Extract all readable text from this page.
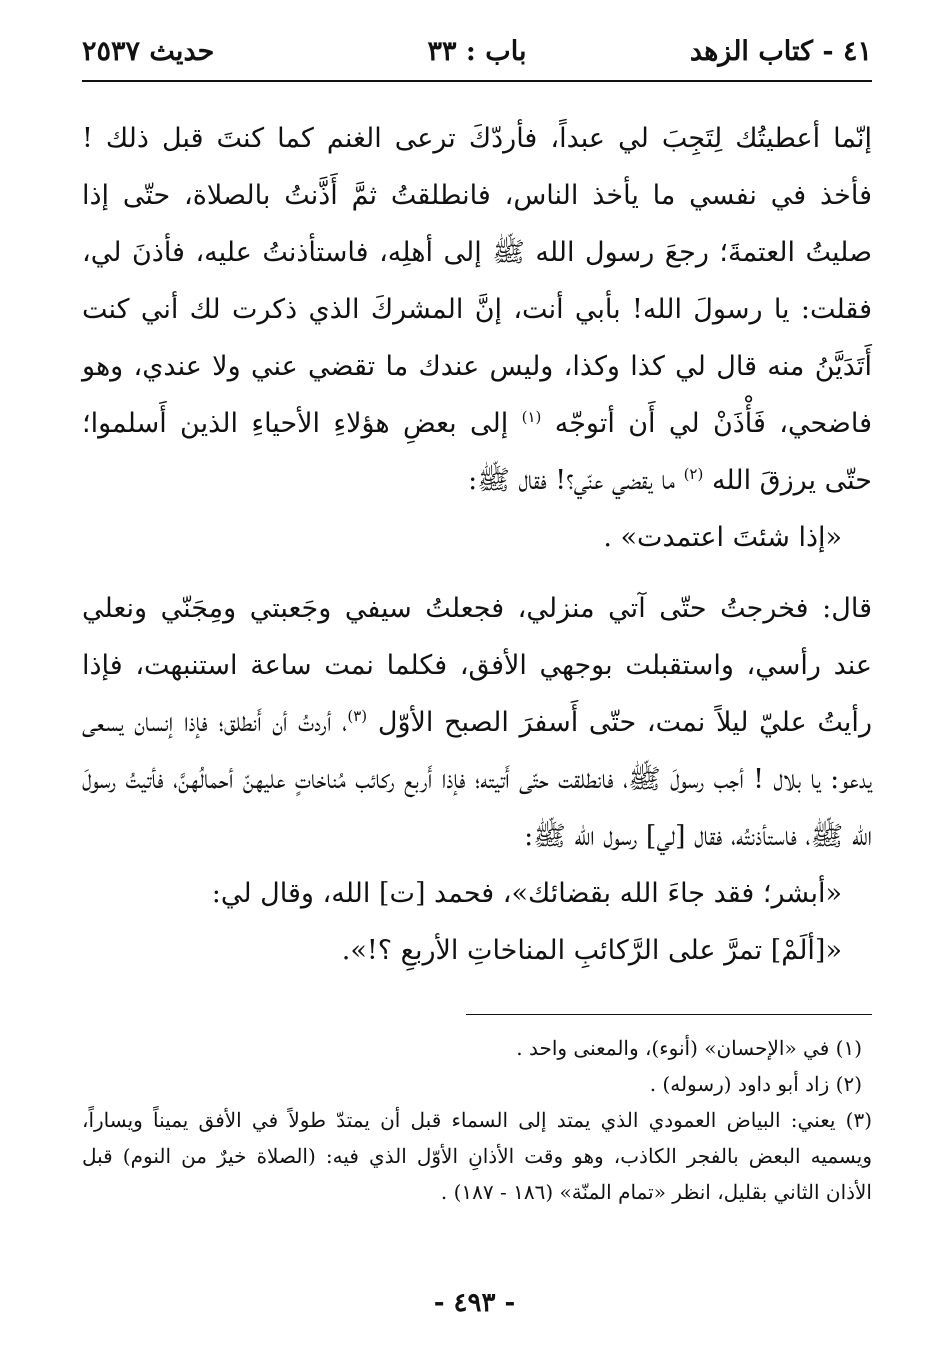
٤١ - كتاب الزهد
باب : ٣٣
حديث ٢٥٣٧

إنّما أعطيتُك لِتَجِبَ لي عبداً، فأردّكَ ترعى الغنم كما كنتَ قبل ذلك ! فأخذ في نفسي ما يأخذ الناس، فانطلقتُ ثمَّ أَذَّنتُ بالصلاة، حتّى إذا صليتُ العتمةَ؛ رجعَ رسول الله ﷺ إلى أهلِه، فاستأذنتُ عليه، فأذنَ لي، فقلت: يا رسولَ الله! بأبي أنت، إنَّ المشركَ الذي ذكرت لك أني كنت أَتَدَيَّنُ منه قال لي كذا وكذا، وليس عندك ما تقضي عني ولا عندي، وهو فاضحي، فَأْذَنْ لي أَن أتوجّه $^{(١)}$ إلى بعضِ هؤلاءِ الأحياءِ الذين أَسلموا؛ حتّى يرزقَ الله $^{(٢)}$ ما يقضي عنّي؟! فقال ﷺ:

«إذا شئتَ اعتمدت» .

قال: فخرجتُ حتّى آتي منزلي، فجعلتُ سيفي وجَعبتي ومِجَنّي ونعلي عند رأسي، واستقبلت بوجهي الأفق، فكلما نمت ساعة استنبهت، فإذا رأيتُ عليّ ليلاً نمت، حتّى أَسفرَ الصبح الأوّل $^{(٣)}$، أردتُ أن أَنطلق؛ فإذا إنسان يسعى يدعو: يا بلال ! أجب رسولَ ﷺ، فانطلقت حتّى أَتيته؛ فإذا أَربع ركائب مُناخاتٍ عليهنّ أحمالُهنَّ، فأتيتُ رسولَ الله ﷺ، فاستأذنتُه، فقال [لي] رسول الله ﷺ:

«أبشر؛ فقد جاءَ الله بقضائك»، فحمد [ت] الله، وقال لي:

«[ألَمْ] تمرَّ على الرَّكائبِ المناخاتِ الأربعِ ؟!».

(١) في «الإحسان» (أنوء)، والمعنى واحد .

(٢) زاد أبو داود (رسوله) .

(٣) يعني: البياض العمودي الذي يمتد إلى السماء قبل أن يمتدّ طولاً في الأفق يميناً ويساراً، ويسميه البعض بالفجر الكاذب، وهو وقت الأذانِ الأوّل الذي فيه: (الصلاة خيرٌ من النوم) قبل الأذان الثاني بقليل، انظر «تمام المنّة» (١٨٦ - ١٨٧) .

- ٤٩٣ -
